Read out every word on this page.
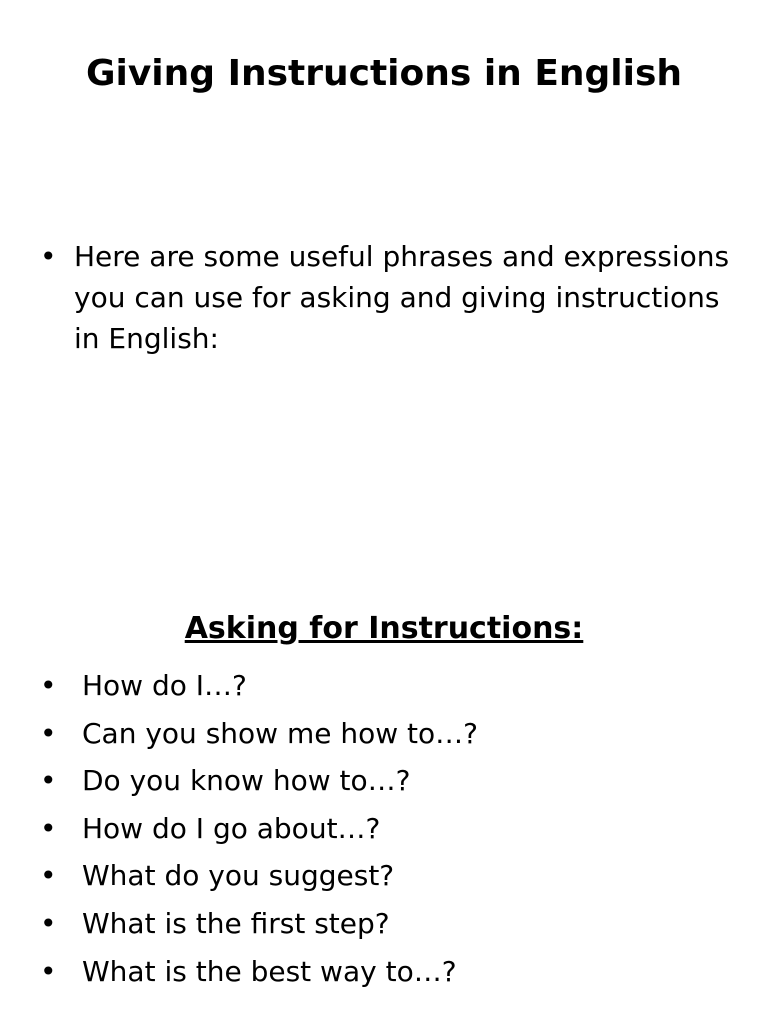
Giving Instructions in English
• Here are some useful phrases and expressions you can use for asking and giving instructions in English:
Asking for Instructions:
• How do I…?
• Can you show me how to…?
• Do you know how to…?
• How do I go about…?
• What do you suggest?
• What is the first step?
• What is the best way to…?
